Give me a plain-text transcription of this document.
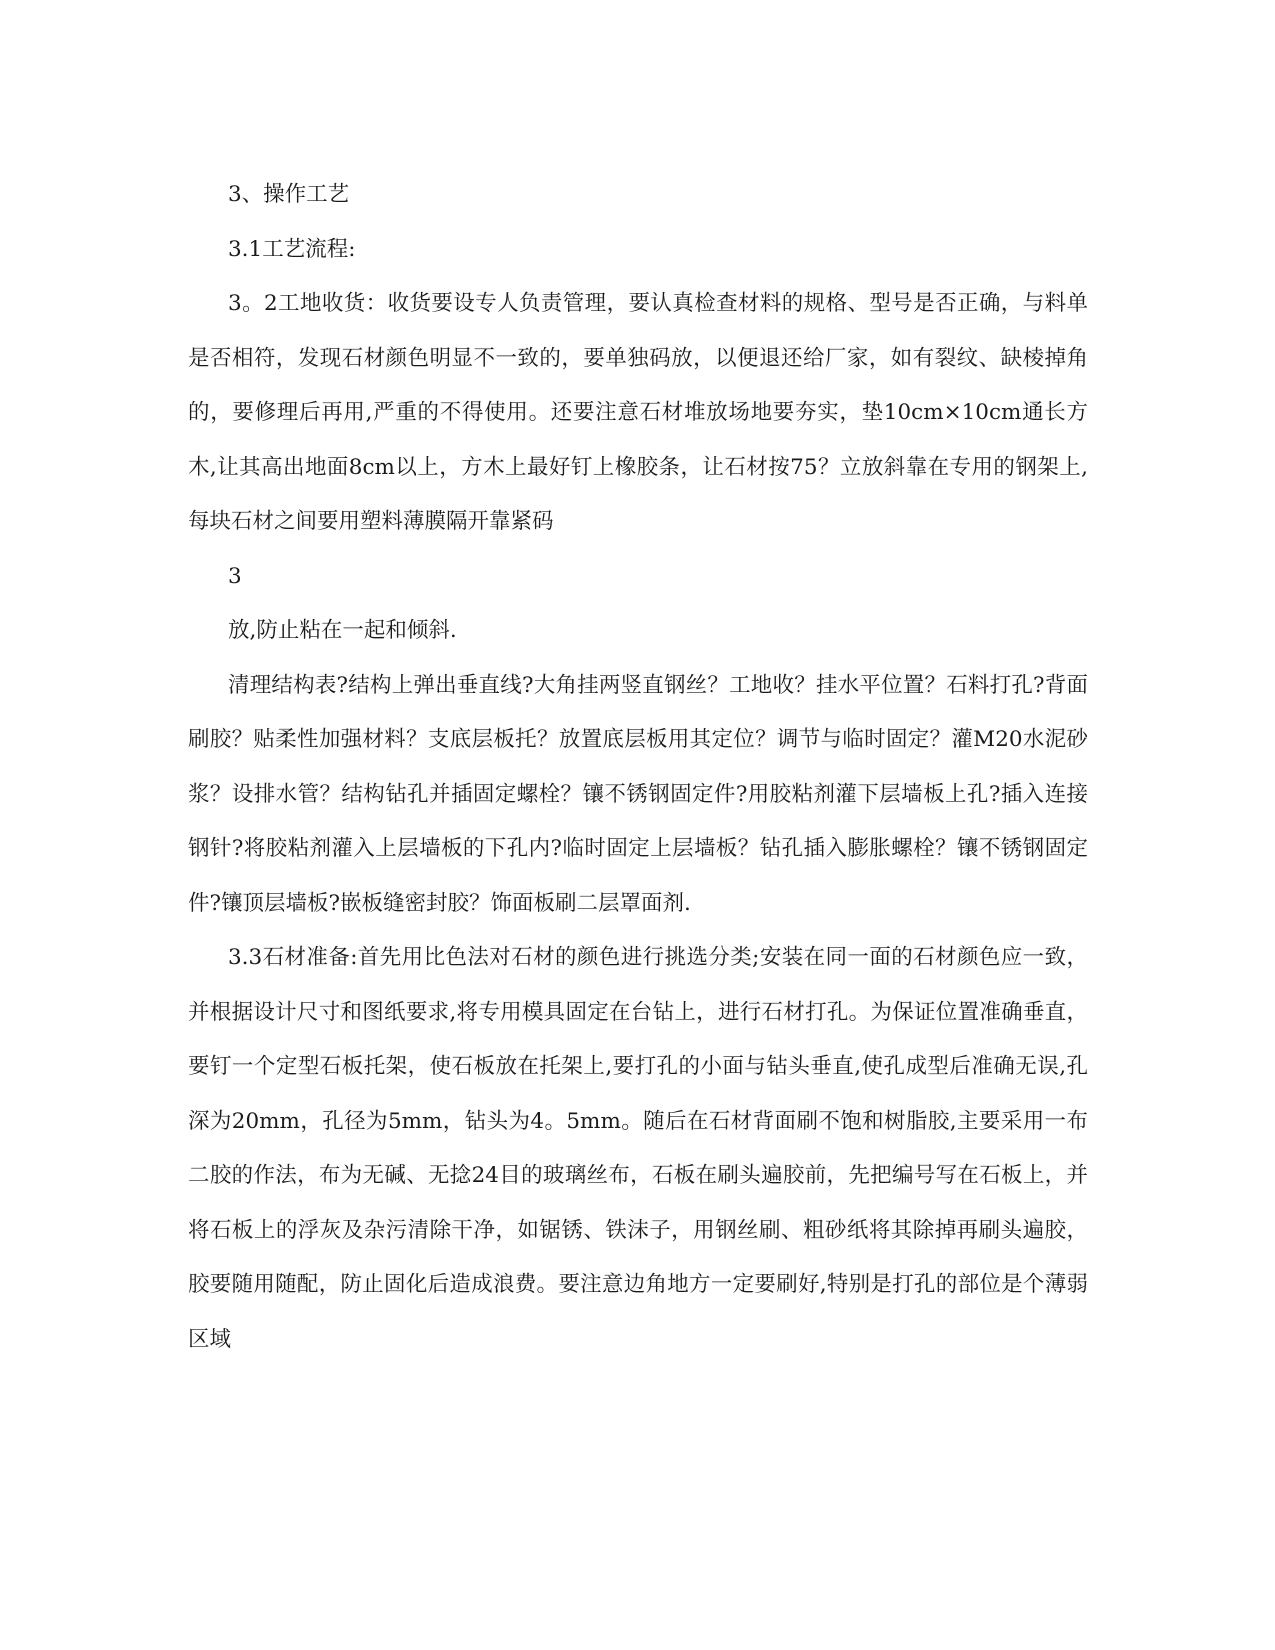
3、操作工艺

3.1工艺流程:

3。2工地收货：收货要设专人负责管理，要认真检查材料的规格、型号是否正确，与料单是否相符，发现石材颜色明显不一致的，要单独码放，以便退还给厂家，如有裂纹、缺棱掉角的，要修理后再用,严重的不得使用。还要注意石材堆放场地要夯实，垫10cm×10cm通长方木,让其高出地面8cm以上，方木上最好钉上橡胶条，让石材按75？立放斜靠在专用的钢架上,每块石材之间要用塑料薄膜隔开靠紧码

3

放,防止粘在一起和倾斜.

清理结构表?结构上弹出垂直线?大角挂两竖直钢丝？工地收？挂水平位置？石料打孔?背面刷胶？贴柔性加强材料？支底层板托？放置底层板用其定位？调节与临时固定？灌M20水泥砂浆？设排水管？结构钻孔并插固定螺栓？镶不锈钢固定件?用胶粘剂灌下层墙板上孔?插入连接钢针?将胶粘剂灌入上层墙板的下孔内?临时固定上层墙板？钻孔插入膨胀螺栓？镶不锈钢固定件?镶顶层墙板?嵌板缝密封胶？饰面板刷二层罩面剂.

3.3石材准备:首先用比色法对石材的颜色进行挑选分类;安装在同一面的石材颜色应一致，并根据设计尺寸和图纸要求,将专用模具固定在台钻上，进行石材打孔。为保证位置准确垂直，要钉一个定型石板托架，使石板放在托架上,要打孔的小面与钻头垂直,使孔成型后准确无误,孔深为20mm，孔径为5mm，钻头为4。5mm。随后在石材背面刷不饱和树脂胶,主要采用一布二胶的作法，布为无碱、无捻24目的玻璃丝布，石板在刷头遍胶前，先把编号写在石板上，并将石板上的浮灰及杂污清除干净，如锯锈、铁沫子，用钢丝刷、粗砂纸将其除掉再刷头遍胶，胶要随用随配，防止固化后造成浪费。要注意边角地方一定要刷好,特别是打孔的部位是个薄弱区域
